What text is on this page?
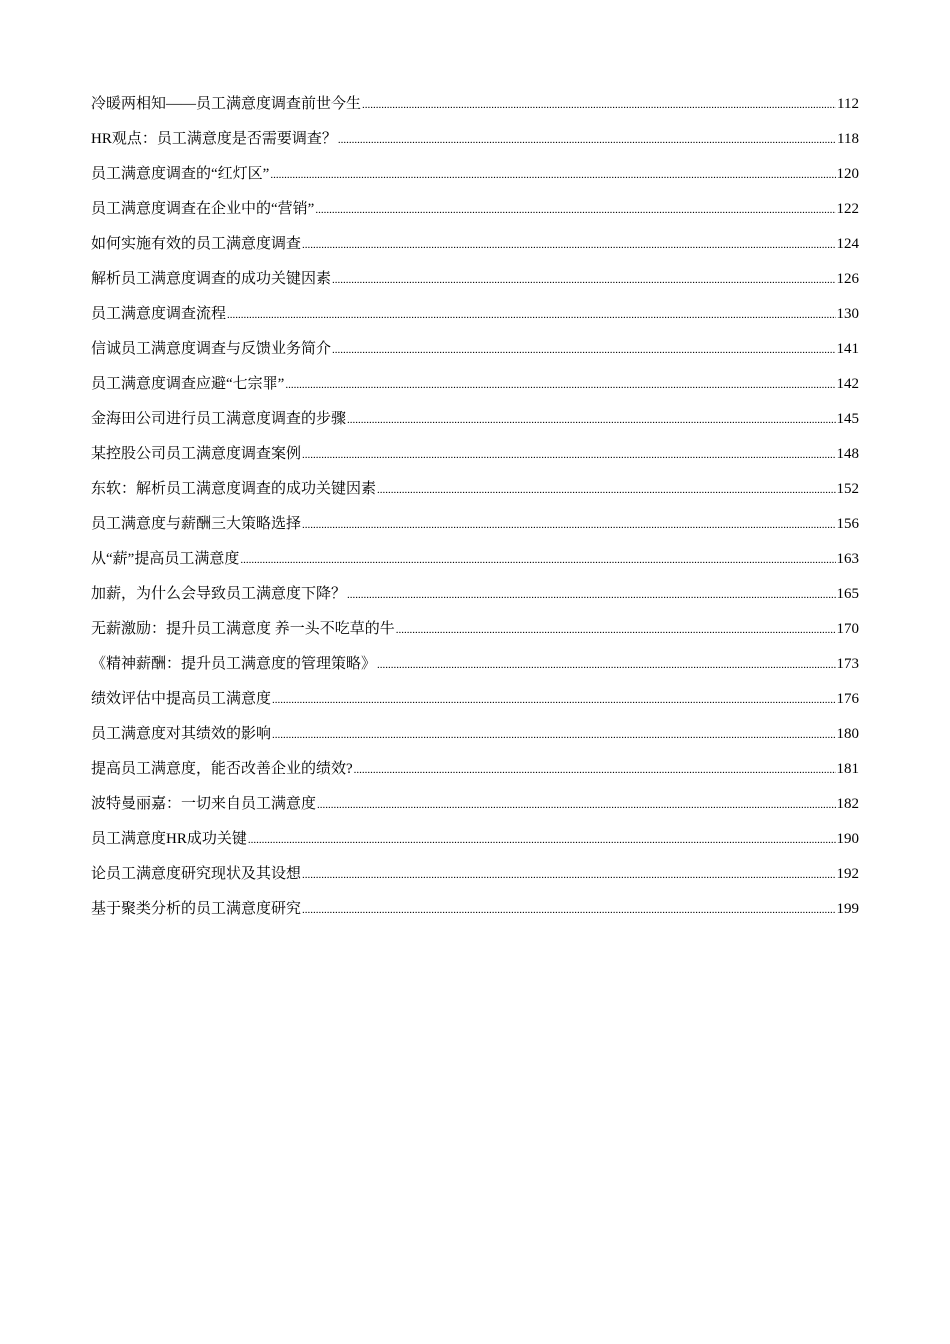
冷暖两相知——员工满意度调查前世今生 .....	112
HR观点：员工满意度是否需要调查？ .....	118
员工满意度调查的“红灯区” .....	120
员工满意度调查在企业中的“营销” .....	122
如何实施有效的员工满意度调查 .....	124
解析员工满意度调查的成功关键因素 .....	126
员工满意度调查流程 .....	130
信诚员工满意度调查与反馈业务简介 .....	141
员工满意度调查应避“七宗罪” .....	142
金海田公司进行员工满意度调查的步骤 .....	145
某控股公司员工满意度调查案例 .....	148
东软：解析员工满意度调查的成功关键因素 .....	152
员工满意度与薪酬三大策略选择 .....	156
从“薪”提高员工满意度 .....	163
加薪，为什么会导致员工满意度下降？ .....	165
无薪激励：提升员工满意度 养一头不吃草的牛 .....	170
《精神薪酬：提升员工满意度的管理策略》 .....	173
绩效评估中提高员工满意度 .....	176
员工满意度对其绩效的影响 .....	180
提高员工满意度，能否改善企业的绩效? .....	181
波特曼丽嘉：一切来自员工满意度 .....	182
员工满意度HR成功关键 .....	190
论员工满意度研究现状及其设想 .....	192
基于聚类分析的员工满意度研究 .....	199
